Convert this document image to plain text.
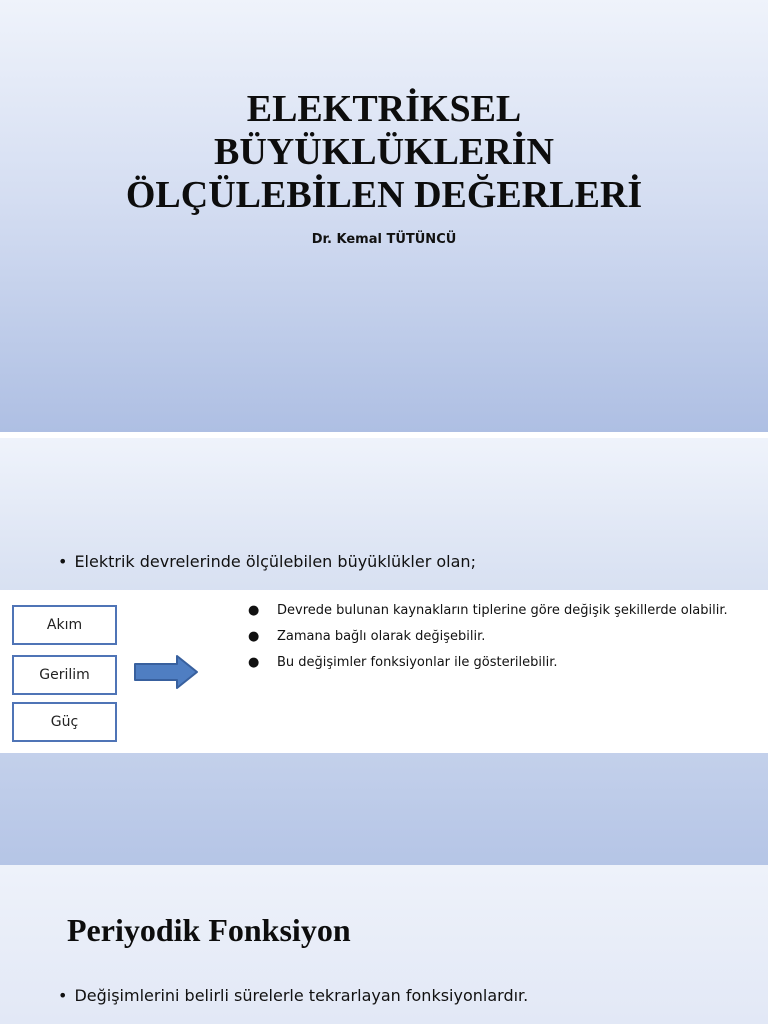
ELEKTRİKSEL
BÜYÜKLÜKLERİN
ÖLÇÜLEBİLEN DEĞERLERİ
Dr. Kemal TÜTÜNCÜ
• Elektrik devrelerinde ölçülebilen büyüklükler olan;
Akım
Gerilim
Güç
● Devrede bulunan kaynakların tiplerine göre değişik şekillerde olabilir.
● Zamana bağlı olarak değişebilir.
● Bu değişimler fonksiyonlar ile gösterilebilir.
Periyodik Fonksiyon
• Değişimlerini belirli sürelerle tekrarlayan fonksiyonlardır.
